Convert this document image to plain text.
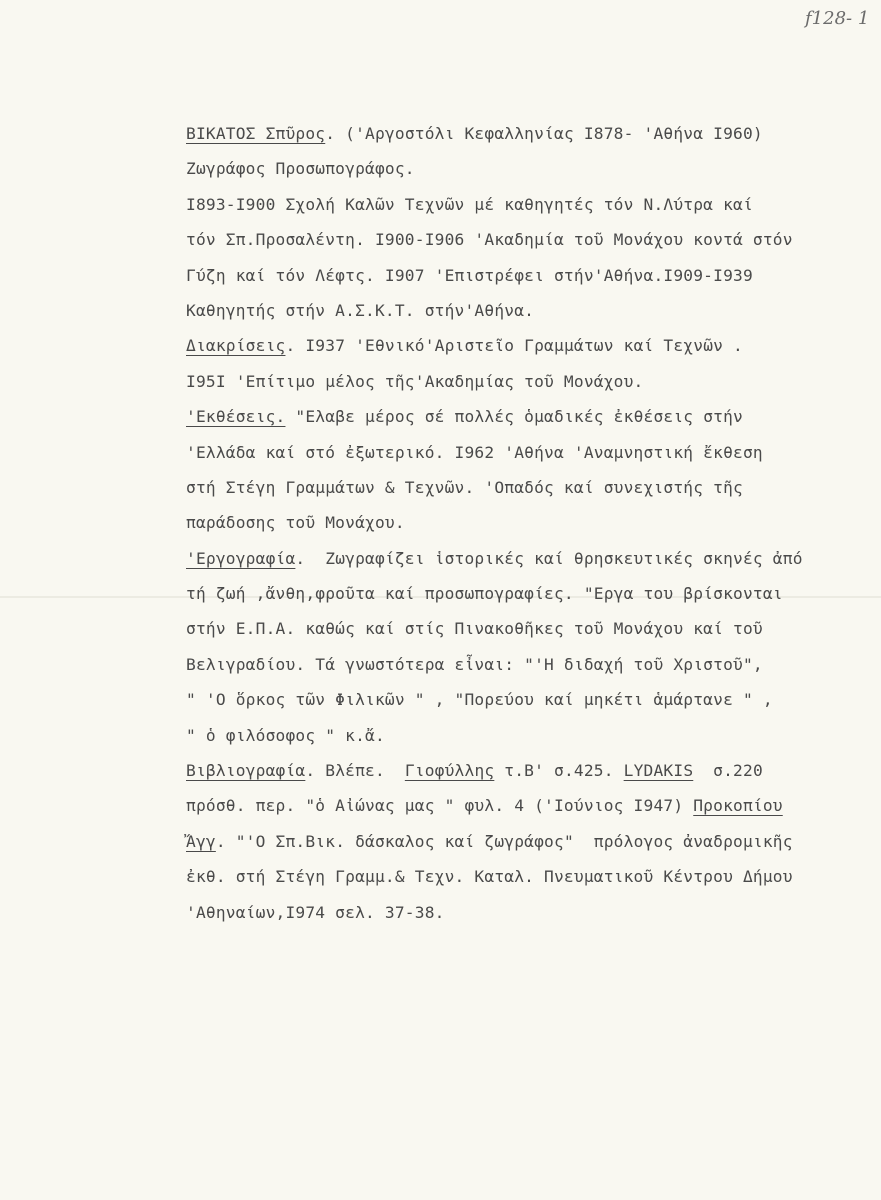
f128- 1
ΒΙΚΑΤΟΣ Σπῦρος. ('Αργοστόλι Κεφαλληνίας I878- 'Αθήνα I960)
Ζωγράφος Προσωπογράφος.
I893-I900 Σχολή Καλῶν Τεχνῶν μέ καθηγητές τόν Ν.Λύτρα καί
τόν Σπ.Προσαλέντη. I900-I906 'Ακαδημία τοῦ Μονάχου κοντά στόν
Γύζη καί τόν Λέφτς. I907 'Επιστρέφει στήν'Αθήνα.I909-I939
Καθηγητής στήν Α.Σ.Κ.Τ. στήν'Αθήνα.
Διακρίσεις. I937 'Εθνικό'Αριστεῖο Γραμμάτων καί Τεχνῶν .
I95I 'Επίτιμο μέλος τῆς'Ακαδημίας τοῦ Μονάχου.
'Εκθέσεις. "Ελαβε μέρος σέ πολλές ὁμαδικές ἐκθέσεις στήν
'Ελλάδα καί στό ἐξωτερικό. I962 'Αθήνα 'Αναμνηστική ἔκθεση
στή Στέγη Γραμμάτων & Τεχνῶν. 'Οπαδός καί συνεχιστής τῆς
παράδοσης τοῦ Μονάχου.
'Εργογραφία.  Ζωγραφίζει ἱστορικές καί θρησκευτικές σκηνές ἀπό
τή ζωή ,ἄνθη,φροῦτα καί προσωπογραφίες. "Εργα του βρίσκονται
στήν Ε.Π.Α. καθώς καί στίς Πινακοθῆκες τοῦ Μονάχου καί τοῦ
Βελιγραδίου. Τά γνωστότερα εἶναι: "'Η διδαχή τοῦ Χριστοῦ",
" 'Ο ὅρκος τῶν Φιλικῶν " , "Πορεύου καί μηκέτι ἁμάρτανε " ,
" ὁ φιλόσοφος " κ.ἄ.
Βιβλιογραφία. Βλέπε.  Γιοφύλλης τ.Β' σ.425. LYDAKIS  σ.220
πρόσθ. περ. "ὁ Αἰώνας μας " φυλ. 4 ('Ιούνιος I947) Προκοπίου
Ἄγγ. "'Ο Σπ.Βικ. δάσκαλος καί ζωγράφος"  πρόλογος ἀναδρομικῆς
ἐκθ. στή Στέγη Γραμμ.& Τεχν. Καταλ. Πνευματικοῦ Κέντρου Δήμου
'Αθηναίων,I974 σελ. 37-38.
